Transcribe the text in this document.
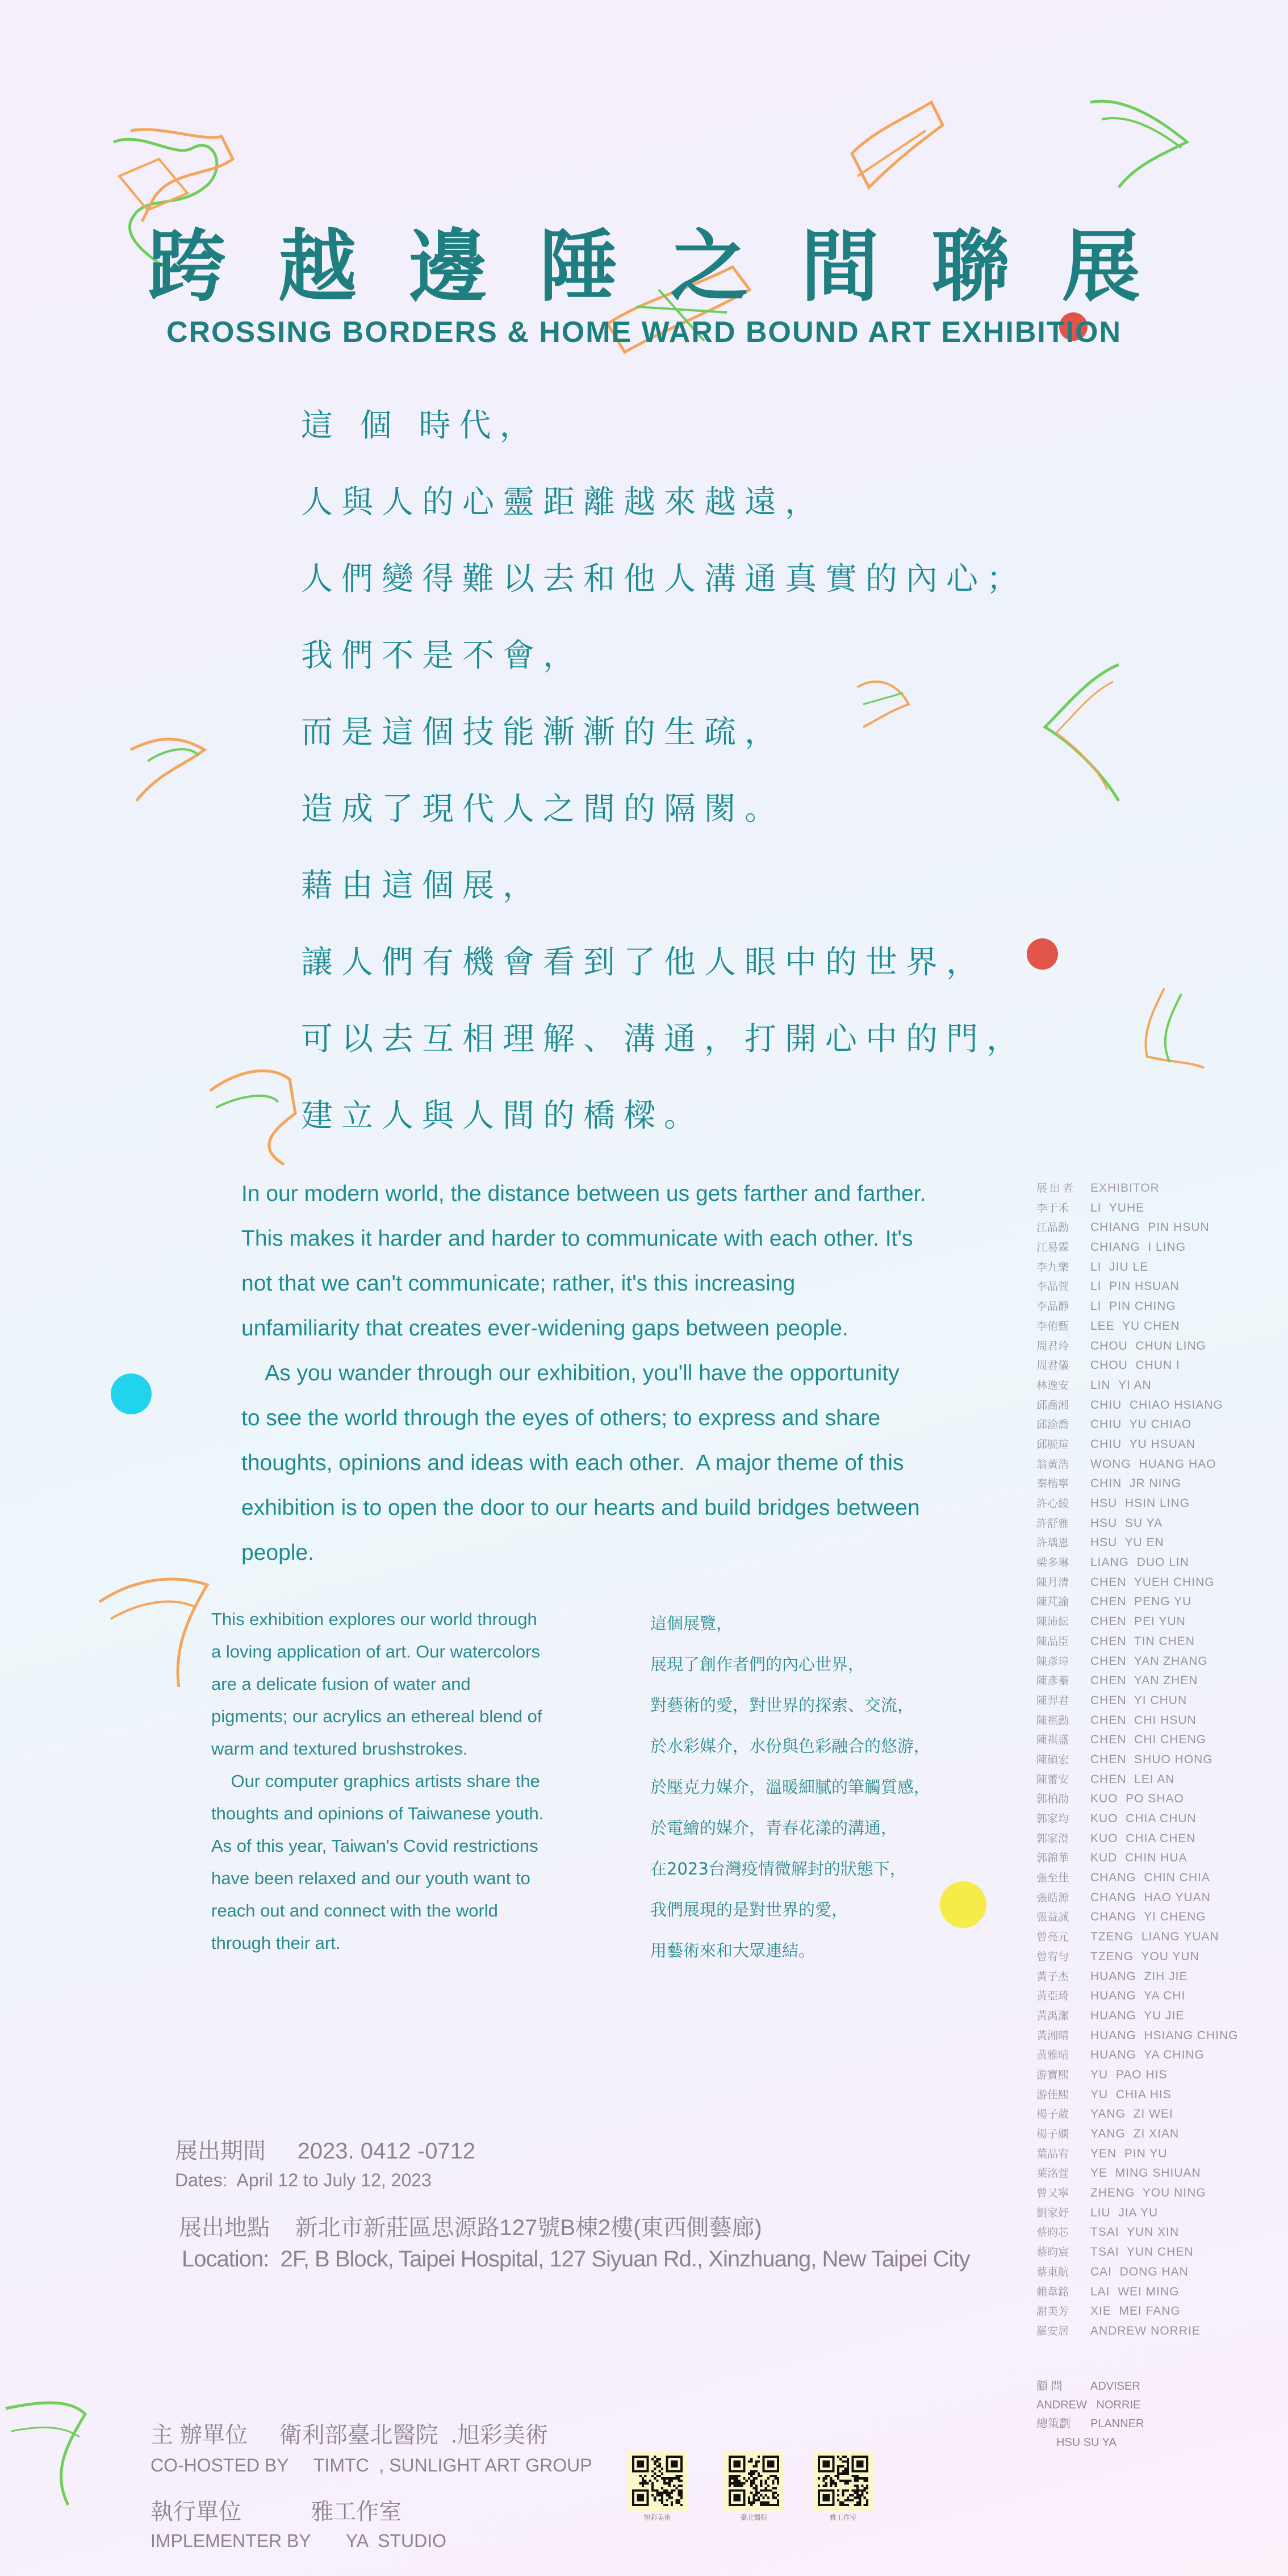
跨越邊陲之間聯展
CROSSING BORDERS & HOME WARD BOUND ART EXHIBITION
這 個 時代，
人與人的心靈距離越來越遠，
人們變得難以去和他人溝通真實的內心；
我們不是不會，
而是這個技能漸漸的生疏，
造成了現代人之間的隔閡。
藉由這個展，
讓人們有機會看到了他人眼中的世界，
可以去互相理解、溝通，打開心中的門，
建立人與人間的橋樑。

In our modern world, the distance between us gets farther and farther.

This makes it harder and harder to communicate with each other. It's

not that we can't communicate; rather, it's this increasing

unfamiliarity that creates ever-widening gaps between people.

As you wander through our exhibition, you'll have the opportunity

to see the world through the eyes of others; to express and share

thoughts, opinions and ideas with each other.  A major theme of this

exhibition is to open the door to our hearts and build bridges between

people.

This exhibition explores our world through

a loving application of art. Our watercolors

are a delicate fusion of water and

pigments; our acrylics an ethereal blend of

warm and textured brushstrokes.

Our computer graphics artists share the

thoughts and opinions of Taiwanese youth.

As of this year, Taiwan's Covid restrictions

have been relaxed and our youth want to

reach out and connect with the world

through their art.

這個展覽，

展現了創作者們的內心世界，

對藝術的愛，對世界的探索、交流，

於水彩媒介，水份與色彩融合的悠游，

於壓克力媒介，溫暖細膩的筆觸質感，

於電繪的媒介，青春花漾的溝通，

在2023台灣疫情微解封的狀態下，

我們展現的是對世界的愛，

用藝術來和大眾連結。

展出者 EXHIBITOR
李于禾 LI  YUHE
江品勳 CHIANG  PIN HSUN
江易霖 CHIANG  I LING
李九樂 LI  JIU LE
李品萱 LI  PIN HSUAN
李品靜 LI  PIN CHING
李侑甄 LEE  YU CHEN
周君玲 CHOU  CHUN LING
周君儀 CHOU  CHUN I
林逸安 LIN  YI AN
邱喬湘 CHIU  CHIAO HSIANG
邱渝喬 CHIU  YU CHIAO
邱毓瑄 CHIU  YU HSUAN
翁黃浩 WONG  HUANG HAO
秦楷寧 CHIN  JR NING
許心綾 HSU  HSIN LING
許舒雅 HSU  SU YA
許瑀恩 HSU  YU EN
梁多琳 LIANG  DUO LIN
陳月清 CHEN  YUEH CHING
陳芃諭 CHEN  PENG YU
陳沛紜 CHEN  PEI YUN
陳品臣 CHEN  TIN CHEN
陳彥璋 CHEN  YAN ZHANG
陳彥蓁 CHEN  YAN ZHEN
陳羿君 CHEN  YI CHUN
陳祺勳 CHEN  CHI HSUN
陳祺盛 CHEN  CHI CHENG
陳碩宏 CHEN  SHUO HONG
陳蕾安 CHEN  LEI AN
郭柏劭 KUO  PO SHAO
郭家均 KUO  CHIA CHUN
郭家澄 KUO  CHIA CHEN
郭錦華 KUD  CHIN HUA
張至佳 CHANG  CHIN CHIA
張皓源 CHANG  HAO YUAN
張益誠 CHANG  YI CHENG
曾亮元 TZENG  LIANG YUAN
曾宥勻 TZENG  YOU YUN
黃子杰 HUANG  ZIH JIE
黃亞琦 HUANG  YA CHI
黃禹潔 HUANG  YU JIE
黃湘晴 HUANG  HSIANG CHING
黃雅晴 HUANG  YA CHING
游寶熙 YU  PAO HIS
游佳熙 YU  CHIA HIS
楊子葳 YANG  ZI WEI
楊子嫻 YANG  ZI XIAN
葉品宥 YEN  PIN YU
葉洺萱 YE  MING SHIUAN
曾又寧 ZHENG  YOU NING
劉家妤 LIU  JIA YU
蔡昀芯 TSAI  YUN XIN
蔡昀宸 TSAI  YUN CHEN
蔡東航 CAI  DONG HAN
賴韋銘 LAI  WEI MING
謝美芳 XIE  MEI FANG
羅安居 ANDREW NORRIE
顧 問 ADVISER
ANDREW   NORRIE
總策劃 PLANNER
HSU SU YA
展出期間     2023. 0412 -0712
Dates:  April 12 to July 12, 2023
展出地點    新北市新莊區思源路127號B棟2樓(東西側藝廊)
Location:  2F, B Block, Taipei Hospital, 127 Siyuan Rd., Xinzhuang, New Taipei City
主 辦單位     衛利部臺北醫院  .旭彩美術
CO-HOSTED BY     TIMTC  , SUNLIGHT ART GROUP
執行單位           雅工作室
IMPLEMENTER BY       YA  STUDIO
旭彩美術	臺北醫院	雅工作室
